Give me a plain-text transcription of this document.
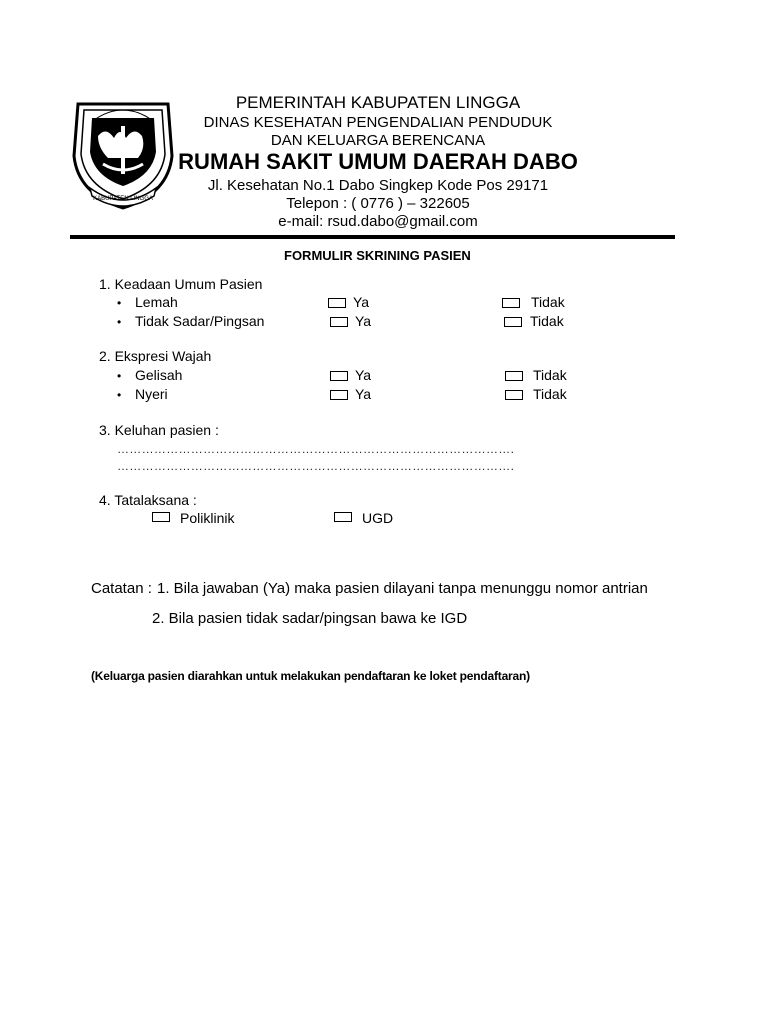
KABUPATEN LINGGA
PEMERINTAH KABUPATEN LINGGA
DINAS KESEHATAN PENGENDALIAN PENDUDUK
DAN KELUARGA BERENCANA
RUMAH SAKIT UMUM DAERAH DABO
Jl. Kesehatan No.1 Dabo Singkep Kode Pos 29171
Telepon : ( 0776 ) – 322605
e-mail: rsud.dabo@gmail.com
FORMULIR SKRINING PASIEN
1. Keadaan Umum Pasien
• Lemah	Ya	Tidak
• Tidak Sadar/Pingsan	Ya	Tidak
2. Ekspresi Wajah
• Gelisah	Ya	Tidak
• Nyeri	Ya	Tidak
3. Keluhan pasien :
…………………………………………………………………………………….
…………………………………………………………………………………….
4. Tatalaksana :
Poliklinik	UGD
Catatan : 1. Bila jawaban (Ya) maka pasien dilayani tanpa menunggu nomor antrian
2. Bila pasien tidak sadar/pingsan bawa ke IGD
(Keluarga pasien diarahkan untuk melakukan pendaftaran ke loket pendaftaran)
